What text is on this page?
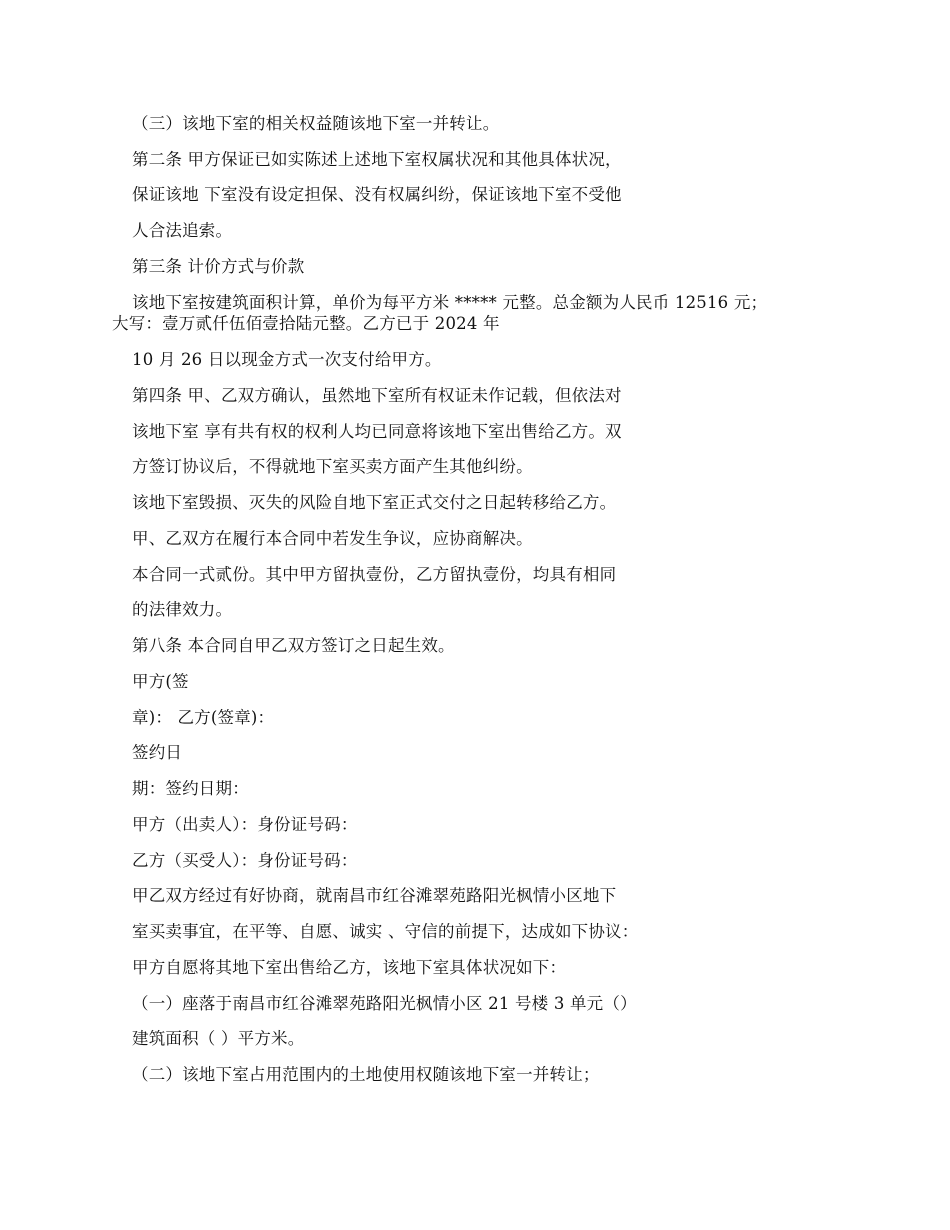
（三）该地下室的相关权益随该地下室一并转让。
第二条 甲方保证已如实陈述上述地下室权属状况和其他具体状况，
保证该地 下室没有设定担保、没有权属纠纷，保证该地下室不受他
人合法追索。
第三条 计价方式与价款
该地下室按建筑面积计算，单价为每平方米 ***** 元整。总金额为人民币 12516 元；
大写：壹万贰仟伍佰壹拾陆元整。乙方已于 2024 年
10 月 26 日以现金方式一次支付给甲方。
第四条 甲、乙双方确认，虽然地下室所有权证未作记载，但依法对
该地下室 享有共有权的权利人均已同意将该地下室出售给乙方。双
方签订协议后，不得就地下室买卖方面产生其他纠纷。
该地下室毁损、灭失的风险自地下室正式交付之日起转移给乙方。
甲、乙双方在履行本合同中若发生争议，应协商解决。
本合同一式贰份。其中甲方留执壹份，乙方留执壹份，均具有相同
的法律效力。
第八条 本合同自甲乙双方签订之日起生效。
甲方(签
章)： 乙方(签章)：
签约日
期：签约日期：
甲方（出卖人）：身份证号码：
乙方（买受人）：身份证号码：
甲乙双方经过有好协商，就南昌市红谷滩翠苑路阳光枫情小区地下
室买卖事宜，在平等、自愿、诚实 、守信的前提下，达成如下协议：
甲方自愿将其地下室出售给乙方，该地下室具体状况如下：
（一）座落于南昌市红谷滩翠苑路阳光枫情小区 21 号楼 3 单元（）
建筑面积（ ）平方米。
（二）该地下室占用范围内的土地使用权随该地下室一并转让；
